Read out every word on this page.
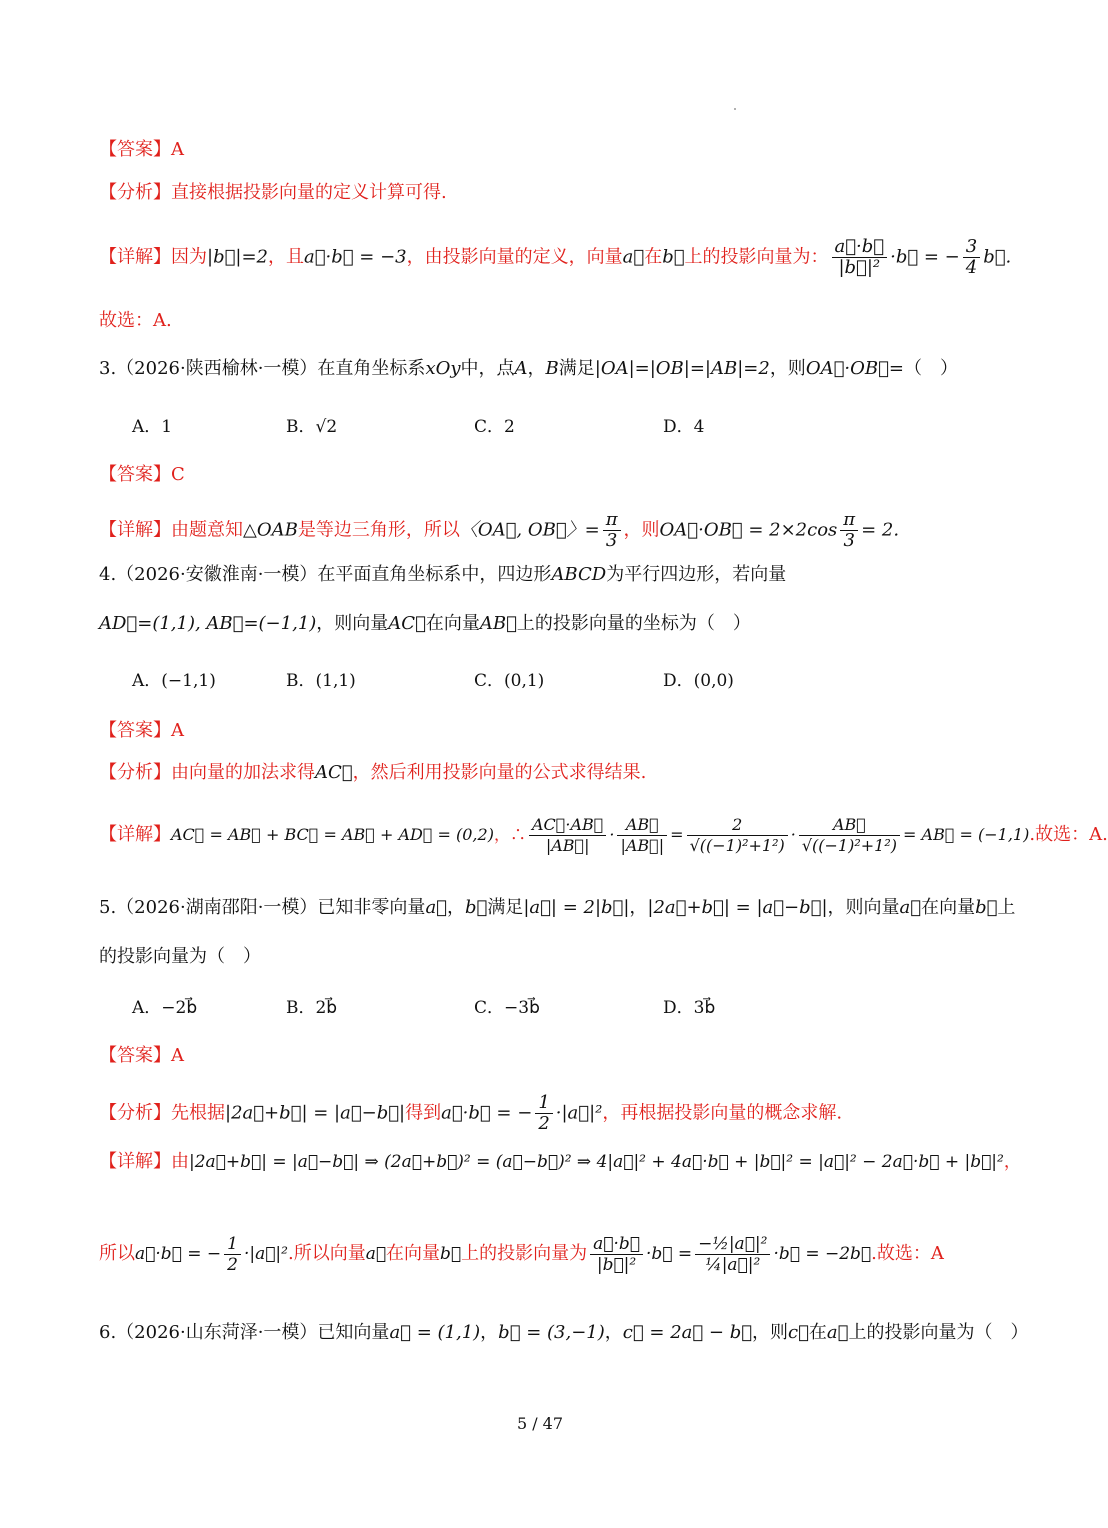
【答案】A
【分析】直接根据投影向量的定义计算可得.
【详解】因为|b⃗|=2，且a⃗·b⃗ = −3，由投影向量的定义，向量a⃗在b⃗上的投影向量为： $\frac{a⃗\cdot b⃗}{\text{|b⃗|²}}$ ·b⃗ = − $\frac{3}{4}$ b⃗.
故选：A.
3.（2026·陕西榆林·一模）在直角坐标系xOy中，点A，B满足|OA|=|OB|=|AB|=2，则OA⃗·OB⃗=（　）
A．1	B．√2	C．2	D．4
【答案】C
【详解】由题意知△OAB是等边三角形，所以〈OA⃗, OB⃗〉= $\frac{\pi}{3}$ ，则OA⃗·OB⃗ = $2\times 2\cos \frac{\pi}{3} = 2$.
4.（2026·安徽淮南·一模）在平面直角坐标系中，四边形ABCD为平行四边形，若向量
AD⃗=(1,1), AB⃗=(−1,1)，则向量AC⃗在向量AB⃗上的投影向量的坐标为（　）
A．(−1,1)	B．(1,1)	C．(0,1)	D．(0,0)
【答案】A
【分析】由向量的加法求得AC⃗，然后利用投影向量的公式求得结果.
【详解】AC⃗ = AB⃗ + BC⃗ = AB⃗ + AD⃗ = (0,2)，∴ $\frac{AC⃗\cdot AB⃗}{|AB⃗|} \cdot \frac{AB⃗}{|AB⃗|} = \frac{2}{\text{√((−1)²+1²)}} \cdot \frac{AB⃗}{\text{√((−1)²+1²)}}$ = AB⃗ = (−1,1).故选：A.
5.（2026·湖南邵阳·一模）已知非零向量a⃗，b⃗满足|a⃗| = 2|b⃗|，|2a⃗+b⃗| = |a⃗−b⃗|，则向量a⃗在向量b⃗上
的投影向量为（　）
A．−2b⃗	B．2b⃗	C．−3b⃗	D．3b⃗
【答案】A
【分析】先根据|2a⃗+b⃗| = |a⃗−b⃗|得到a⃗·b⃗ = − $\frac{1}{2}$ ·|a⃗|²，再根据投影向量的概念求解.
【详解】由|2a⃗+b⃗| = |a⃗−b⃗| ⇒ (2a⃗+b⃗)² = (a⃗−b⃗)² ⇒ 4|a⃗|² + 4a⃗·b⃗ + |b⃗|² = |a⃗|² − 2a⃗·b⃗ + |b⃗|²，
所以a⃗·b⃗ = − $\frac{1}{2}$ ·|a⃗|².所以向量a⃗在向量b⃗上的投影向量为 $\frac{a⃗\cdot b⃗}{\text{|b⃗|²}}$ ·b⃗ = $\frac{\text{−½|a⃗|²}}{\text{¼|a⃗|²}}$ ·b⃗ = −2b⃗.故选：A
6.（2026·山东菏泽·一模）已知向量a⃗ = (1,1)，b⃗ = (3,−1)，c⃗ = 2a⃗ − b⃗，则c⃗在a⃗上的投影向量为（　）
5 / 47
